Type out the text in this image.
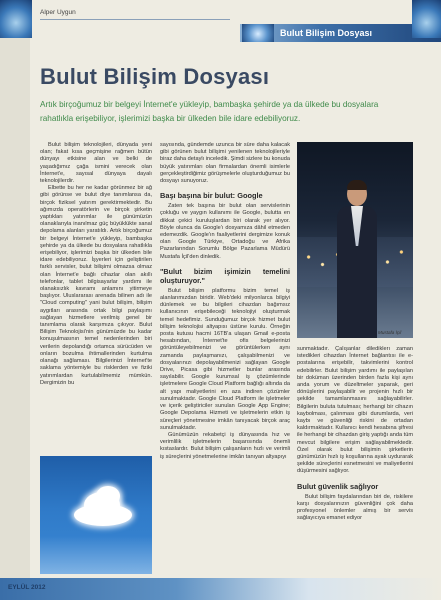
Alper Uygun
Bulut Bilişim Dosyası
Bulut Bilişim Dosyası

Artık birçoğumuz bir belgeyi İnternet'e yükleyip, bambaşka şehirde ya da ülkede bu dosyalara rahatlıkla erişebiliyor, işlerimizi başka bir ülkeden bile idare edebiliyoruz.

Bulut bilişim teknolojileri, dünyada yeni olan; fakat kısa geçmişine rağmen bütün dünyayı etkisine alan ve belki de yaşadığımız çağa ismini verecek olan İnternet'e, sayısal dünyaya dayalı teknolojilerdir.

Elbette bu her ne kadar görünmez bir ağ gibi görünse ve bulut diye tanımlansa da, birçok fiziksel yatırım gerektirmektedir. Bu ağımızda operatörlerin ve birçok şirketin yaptıkları yatırımlar ile günümüzün olanaklarıyla inanılmaz güç büyüklükte sanal depolama alanları yaratıldı. Artık birçoğumuz bir belgeyi İnternet'e yükleyip, bambaşka şehirde ya da ülkede bu dosyalara rahatlıkla erişebiliyor, işlerimizi başka bir ülkeden bile idare edebiliyoruz. İşyerleri için geliştirilen farklı servisler, bulut bilişimi olmazsa olmaz olan İnternet'e bağlı cihazlar olan akıllı telefonlar, tablet bilgisayarlar yardımı ile olanaksızlık kavramı anlamını yitirmeye başlıyor. Uluslararası arenada bilinen adı ile "Cloud computing" yani bulut bilişim, bilişim aygıtları arasında ortak bilgi paylaşımı sağlayan hizmetlere verilmiş genel bir tanımlama olarak karşımıza çıkıyor. Bulut Bilişim Teknolojisi'nin günümüzde bu kadar konuşulmasının temel nedenlerinden biri verilerin depolandığı ortamca sürücüden ve onların bozulma ihtimallerinden kurtulma olanağı sağlaması. Bilgilerinizi İnternet'te saklama yöntemiyle bu risklerden ve fiziki yatırımlardan kurtulabilmemiz mümkün. Dergimizin bu

sayısında, gündemde uzunca bir süre daha kalacak gibi görünen bulut bilişimi yenilenen teknolojileriyle biraz daha detaylı inceledik. Şimdi sizlere bu konuda büyük yatırımları olan firmalardan önemli isimlerle gerçekleştirdiğimiz görüşmelerle oluşturduğumuz bu dosyayı sunuyoruz.

Başı başına bir bulut: Google

Zaten tek başına bir bulut olan servislerinin çokluğu ve yaygın kullanımı ile Google, bulutta en dikkat çekici kuruluşlardan biri olarak yer alıyor. Böyle olunca da Google'ı dosyamıza dâhil etmeden edemezdik. Google'ın faaliyetlerini dergimize konuk olan Google Türkiye, Ortadoğu ve Afrika Pazarlarından Sorumlu Bölge Pazarlama Müdürü Mustafa İçil'den dinledik.

"Bulut bizim işimizin temelini oluşturuyor."

Bulut bilişim platformu bizim temel iş alanlarımızdan biridir. Web'deki milyonlarca bilgiyi dünlemek ve bu bilgileri cihazdan bağımsız kullanıcının erişebileceği teknolojiyi oluşturmak temel hedefimiz. Sunduğumuz birçok hizmet bulut bilişim teknolojisi altyapısı üstüne kurulu. Örneğin posta kutusu hacmi 16TB'a ulaşan Gmail e-posta hesabından, İnternet'te ofis belgelerinizi görüntüleyebilmenizi ve görüntülerken aynı zamanda paylaşmanızı, çalışabilmenizi ve dosyalarınızı depolayabilmenizi sağlayan Google Drive, Picasa gibi hizmetler bunlar arasında sayılabilir. Google kurumsal iş çözümlerinde işletmelere Google Cloud Platform bağlığı altında da alt yapı maliyetlerini en aza indiren çözümler sunulmaktadır. Google Cloud Platform ile işletmeler ve içerik geliştiriciler sunulan Google App Engine; Google Depolama Hizmeti ve işletmelerin etkin iş süreçleri yönetmesine imkân tanıyacak birçok araç sunulmaktadır.

Günümüzün rekabetçi iş dünyasında hız ve verimlilik işletmelerin başarısında önemli kıstaslardır. Bulut bilişim çalışanların hızlı ve verimli iş süreçlerini yönetmelerine imkân tanıyan altyapıyı

Mustafa İçil

sunmaktadır. Çalışanlar dilediklerı zaman istedikleri cihazdan İnternet bağlantısı ile e-postalarına erişebilir, takvimlerini kontrol edebilirler. Bulut bilişim yardımı ile paylaşılan bir doküman üzerinden birden fazla kişi aynı anda yorum ve düzeltmeler yaparak, geri dönüşlerini paylaşabilir ve projenin hızlı bir şekilde tamamlanmasını sağlayabilirler. Bilgilerin buluta tutulması; herhangi bir cihazın kaybolması, çalınması gibi durumlarda, veri kaybı ve güvenliği riskini de ortadan kaldırmaktadır. Kullanıcı kendi hesabına şifresi ile herhangi bir cihazdan giriş yaptığı anda tüm mevcut bilgilere erişim sağlayabilmektedir. Özel olarak bulut bilişimin şirketlerin günümüzün hızlı iş koşullarına ayak uydurarak şekilde süreçlerini esnetmesini ve maliyetlerini düşürmesini sağlıyor.

Bulut güvenlik sağlıyor

Bulut bilişim faydalarından biri de, riskilere karşı dosyalarınızın güvenliğini çok daha profesyonel önlemler almış bir servis sağlayıcıya emanet ediyor

EYLÜL 2012
